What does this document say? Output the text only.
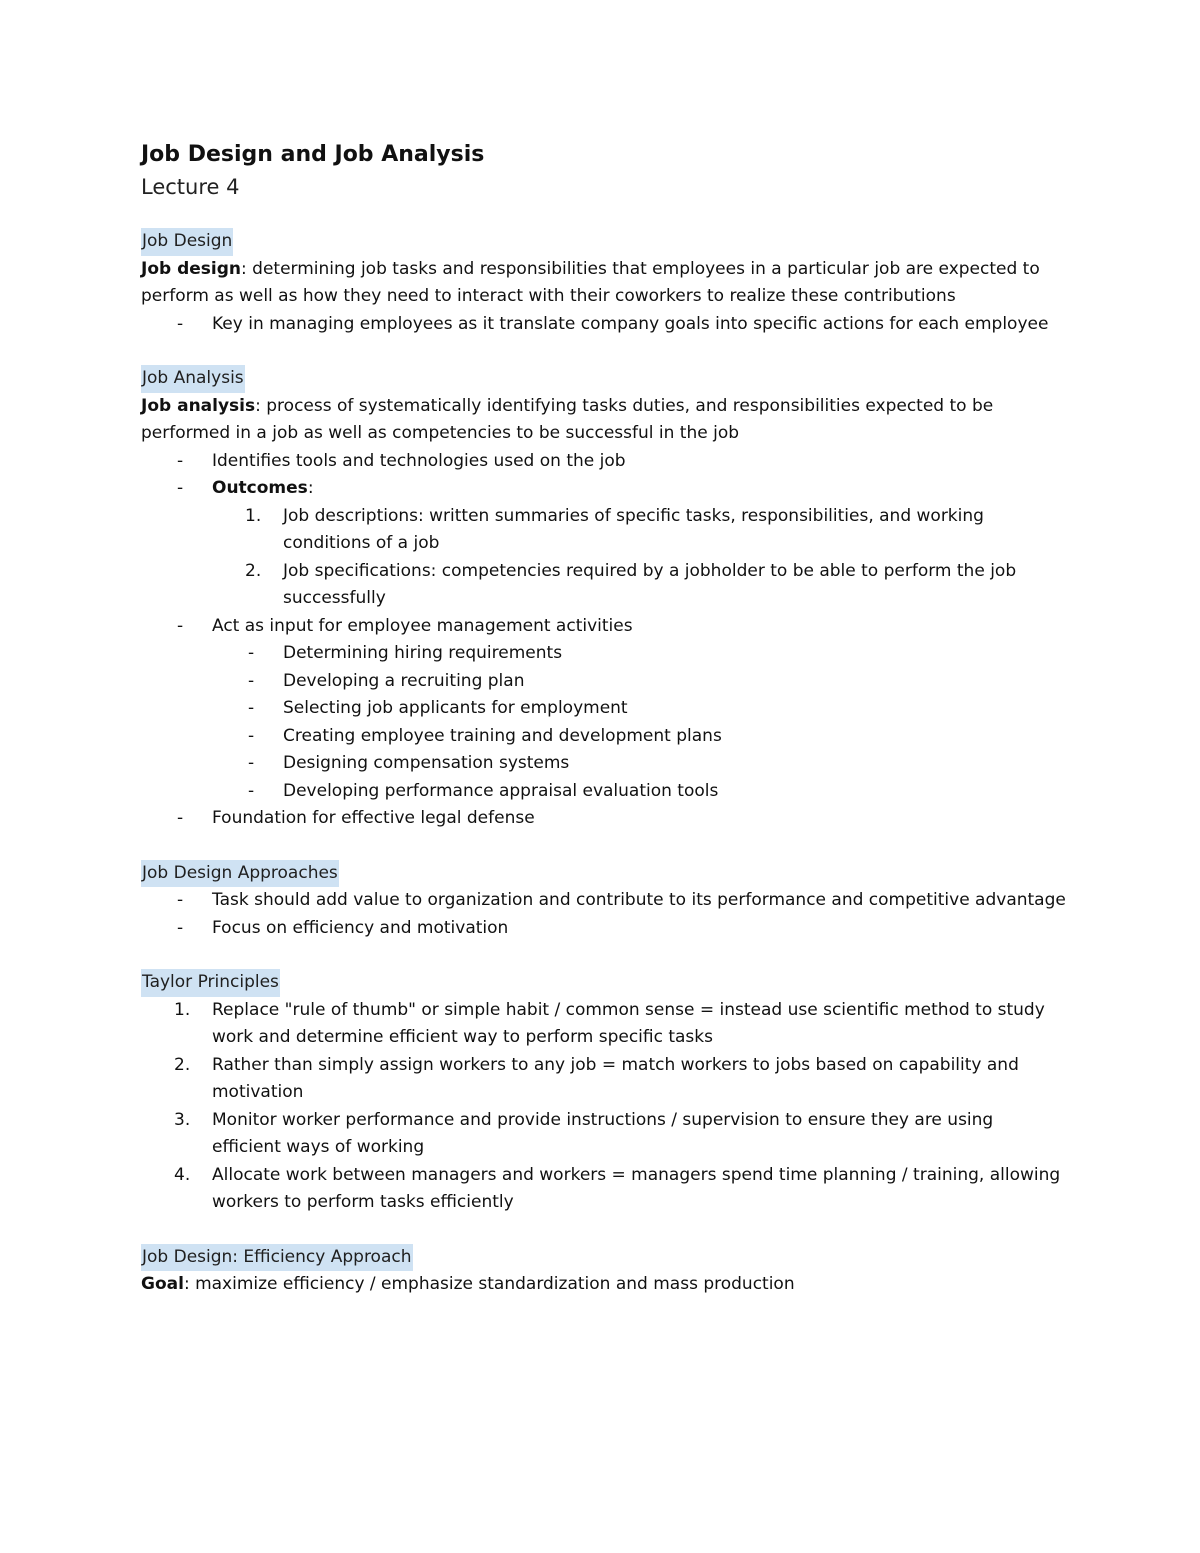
Job Design and Job Analysis
Lecture 4
Job Design

Job design: determining job tasks and responsibilities that employees in a particular job are expected to perform as well as how they need to interact with their coworkers to realize these contributions

- Key in managing employees as it translate company goals into specific actions for each employee
Job Analysis

Job analysis: process of systematically identifying tasks duties, and responsibilities expected to be performed in a job as well as competencies to be successful in the job

- Identifies tools and technologies used on the job
- Outcomes:
1. Job descriptions: written summaries of specific tasks, responsibilities, and working conditions of a job
2. Job specifications: competencies required by a jobholder to be able to perform the job successfully
- Act as input for employee management activities
- Determining hiring requirements
- Developing a recruiting plan
- Selecting job applicants for employment
- Creating employee training and development plans
- Designing compensation systems
- Developing performance appraisal evaluation tools
- Foundation for effective legal defense
Job Design Approaches
- Task should add value to organization and contribute to its performance and competitive advantage
- Focus on efficiency and motivation
Taylor Principles
1. Replace "rule of thumb" or simple habit / common sense = instead use scientific method to study work and determine efficient way to perform specific tasks
2. Rather than simply assign workers to any job = match workers to jobs based on capability and motivation
3. Monitor worker performance and provide instructions / supervision to ensure they are using efficient ways of working
4. Allocate work between managers and workers = managers spend time planning / training, allowing workers to perform tasks efficiently
Job Design: Efficiency Approach

Goal: maximize efficiency / emphasize standardization and mass production
